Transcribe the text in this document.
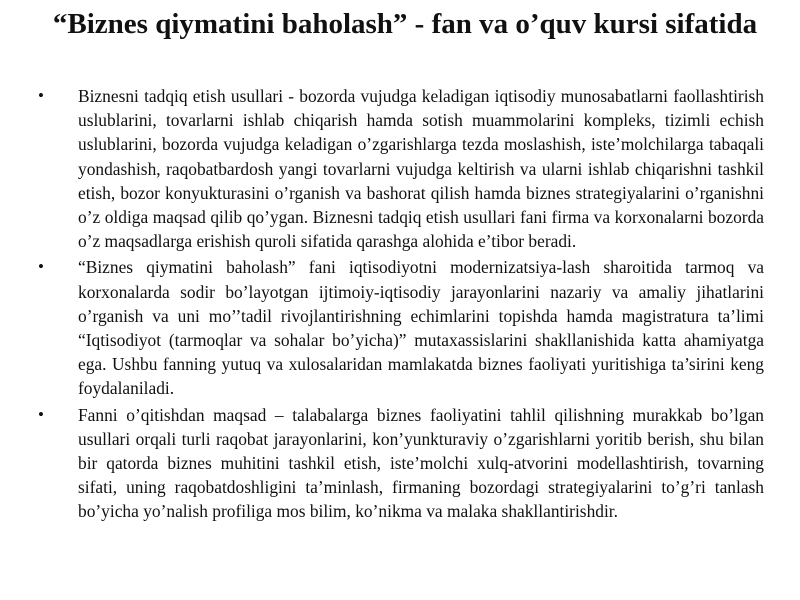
“Biznes qiymatini baholash” - fan va o’quv kursi sifatida
• Biznesni tadqiq etish usullari - bozorda vujudga keladigan iqtisodiy munosabatlarni faollashtirish uslublarini, tovarlarni ishlab chiqarish hamda sotish muammolarini kompleks, tizimli echish uslublarini, bozorda vujudga keladigan o’zgarishlarga tezda moslashish, iste’molchilarga tabaqali yondashish, raqobatbardosh yangi tovarlarni vujudga keltirish va ularni ishlab chiqarishni tashkil etish, bozor konyukturasini o’rganish va bashorat qilish hamda biznes strategiyalarini o’rganishni o’z oldiga maqsad qilib qo’ygan. Biznesni tadqiq etish usullari fani firma va korxonalarni bozorda o’z maqsadlarga erishish quroli sifatida qarashga alohida e’tibor beradi.
• “Biznes qiymatini baholash” fani iqtisodiyotni modernizatsiya-lash sharoitida tarmoq va korxonalarda sodir bo’layotgan ijtimoiy-iqtisodiy jarayonlarini nazariy va amaliy jihatlarini o’rganish va uni mo’’tadil rivojlantirishning echimlarini topishda hamda magistratura ta’limi “Iqtisodiyot (tarmoqlar va sohalar bo’yicha)” mutaxassislarini shakllanishida katta ahamiyatga ega. Ushbu fanning yutuq va xulosalaridan mamlakatda biznes faoliyati yuritishiga ta’sirini keng foydalaniladi.
• Fanni o’qitishdan maqsad – talabalarga biznes faoliyatini tahlil qilishning murakkab bo’lgan usullari orqali turli raqobat jarayonlarini, kon’yunkturaviy o’zgarishlarni yoritib berish, shu bilan bir qatorda biznes muhitini tashkil etish, iste’molchi xulq-atvorini modellashtirish, tovarning sifati, uning raqobatdoshligini ta’minlash, firmaning bozordagi strategiyalarini to’g’ri tanlash bo’yicha yo’nalish profiliga mos bilim, ko’nikma va malaka shakllantirishdir.
